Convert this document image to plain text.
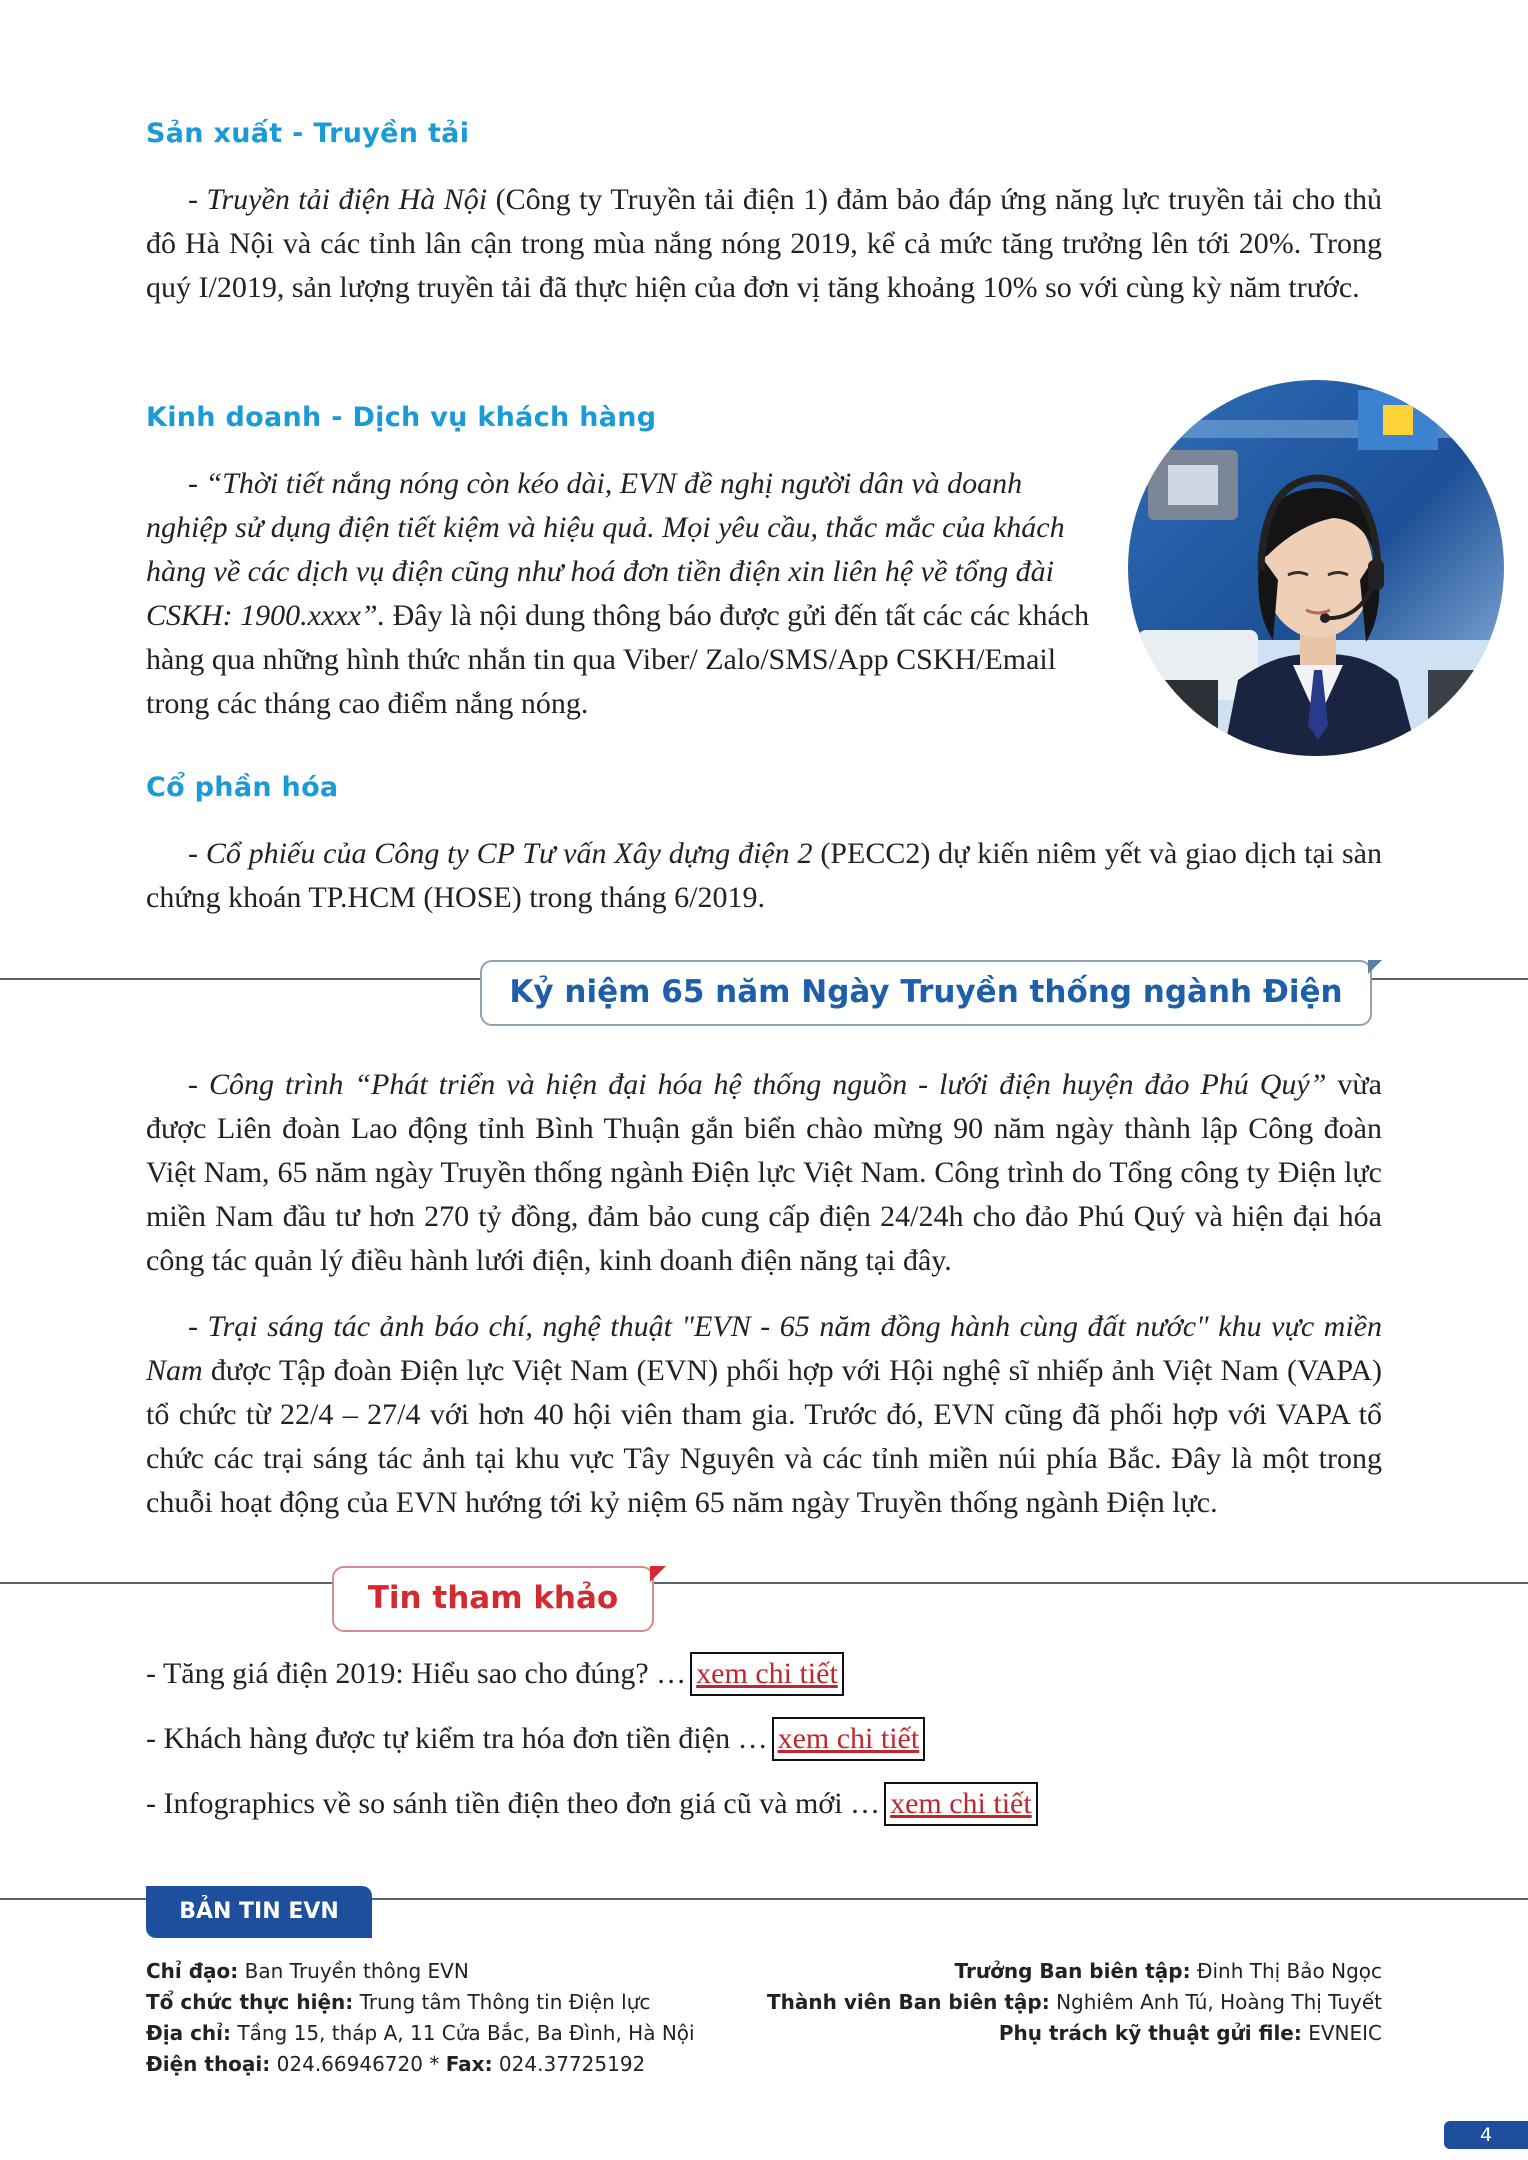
Sản xuất - Truyền tải

- Truyền tải điện Hà Nội (Công ty Truyền tải điện 1) đảm bảo đáp ứng năng lực truyền tải cho thủ đô Hà Nội và các tỉnh lân cận trong mùa nắng nóng 2019, kể cả mức tăng trưởng lên tới 20%. Trong quý I/2019, sản lượng truyền tải đã thực hiện của đơn vị tăng khoảng 10% so với cùng kỳ năm trước.

Kinh doanh - Dịch vụ khách hàng

- “Thời tiết nắng nóng còn kéo dài, EVN đề nghị người dân và doanh nghiệp sử dụng điện tiết kiệm và hiệu quả. Mọi yêu cầu, thắc mắc của khách hàng về các dịch vụ điện cũng như hoá đơn tiền điện xin liên hệ về tổng đài CSKH: 1900.xxxx”. Đây là nội dung thông báo được gửi đến tất các các khách hàng qua những hình thức nhắn tin qua Viber/ Zalo/SMS/App CSKH/Email trong các tháng cao điểm nắng nóng.

Cổ phần hóa

- Cổ phiếu của Công ty CP Tư vấn Xây dựng điện 2 (PECC2) dự kiến niêm yết và giao dịch tại sàn chứng khoán TP.HCM (HOSE) trong tháng 6/2019.

Kỷ niệm 65 năm Ngày Truyền thống ngành Điện

- Công trình “Phát triển và hiện đại hóa hệ thống nguồn - lưới điện huyện đảo Phú Quý” vừa được Liên đoàn Lao động tỉnh Bình Thuận gắn biển chào mừng 90 năm ngày thành lập Công đoàn Việt Nam, 65 năm ngày Truyền thống ngành Điện lực Việt Nam. Công trình do Tổng công ty Điện lực miền Nam đầu tư hơn 270 tỷ đồng, đảm bảo cung cấp điện 24/24h cho đảo Phú Quý và hiện đại hóa công tác quản lý điều hành lưới điện, kinh doanh điện năng tại đây.

- Trại sáng tác ảnh báo chí, nghệ thuật "EVN - 65 năm đồng hành cùng đất nước" khu vực miền Nam được Tập đoàn Điện lực Việt Nam (EVN) phối hợp với Hội nghệ sĩ nhiếp ảnh Việt Nam (VAPA) tổ chức từ 22/4 – 27/4 với hơn 40 hội viên tham gia. Trước đó, EVN cũng đã phối hợp với VAPA tổ chức các trại sáng tác ảnh tại khu vực Tây Nguyên và các tỉnh miền núi phía Bắc. Đây là một trong chuỗi hoạt động của EVN hướng tới kỷ niệm 65 năm ngày Truyền thống ngành Điện lực.

Tin tham khảo
- Tăng giá điện 2019: Hiểu sao cho đúng? … xem chi tiết
- Khách hàng được tự kiểm tra hóa đơn tiền điện … xem chi tiết
- Infographics về so sánh tiền điện theo đơn giá cũ và mới … xem chi tiết
BẢN TIN EVN
Chỉ đạo: Ban Truyền thông EVN
Tổ chức thực hiện: Trung tâm Thông tin Điện lực
Địa chỉ: Tầng 15, tháp A, 11 Cửa Bắc, Ba Đình, Hà Nội
Điện thoại: 024.66946720 * Fax: 024.37725192
Trưởng Ban biên tập: Đinh Thị Bảo Ngọc
Thành viên Ban biên tập: Nghiêm Anh Tú, Hoàng Thị Tuyết
Phụ trách kỹ thuật gửi file: EVNEIC
4
